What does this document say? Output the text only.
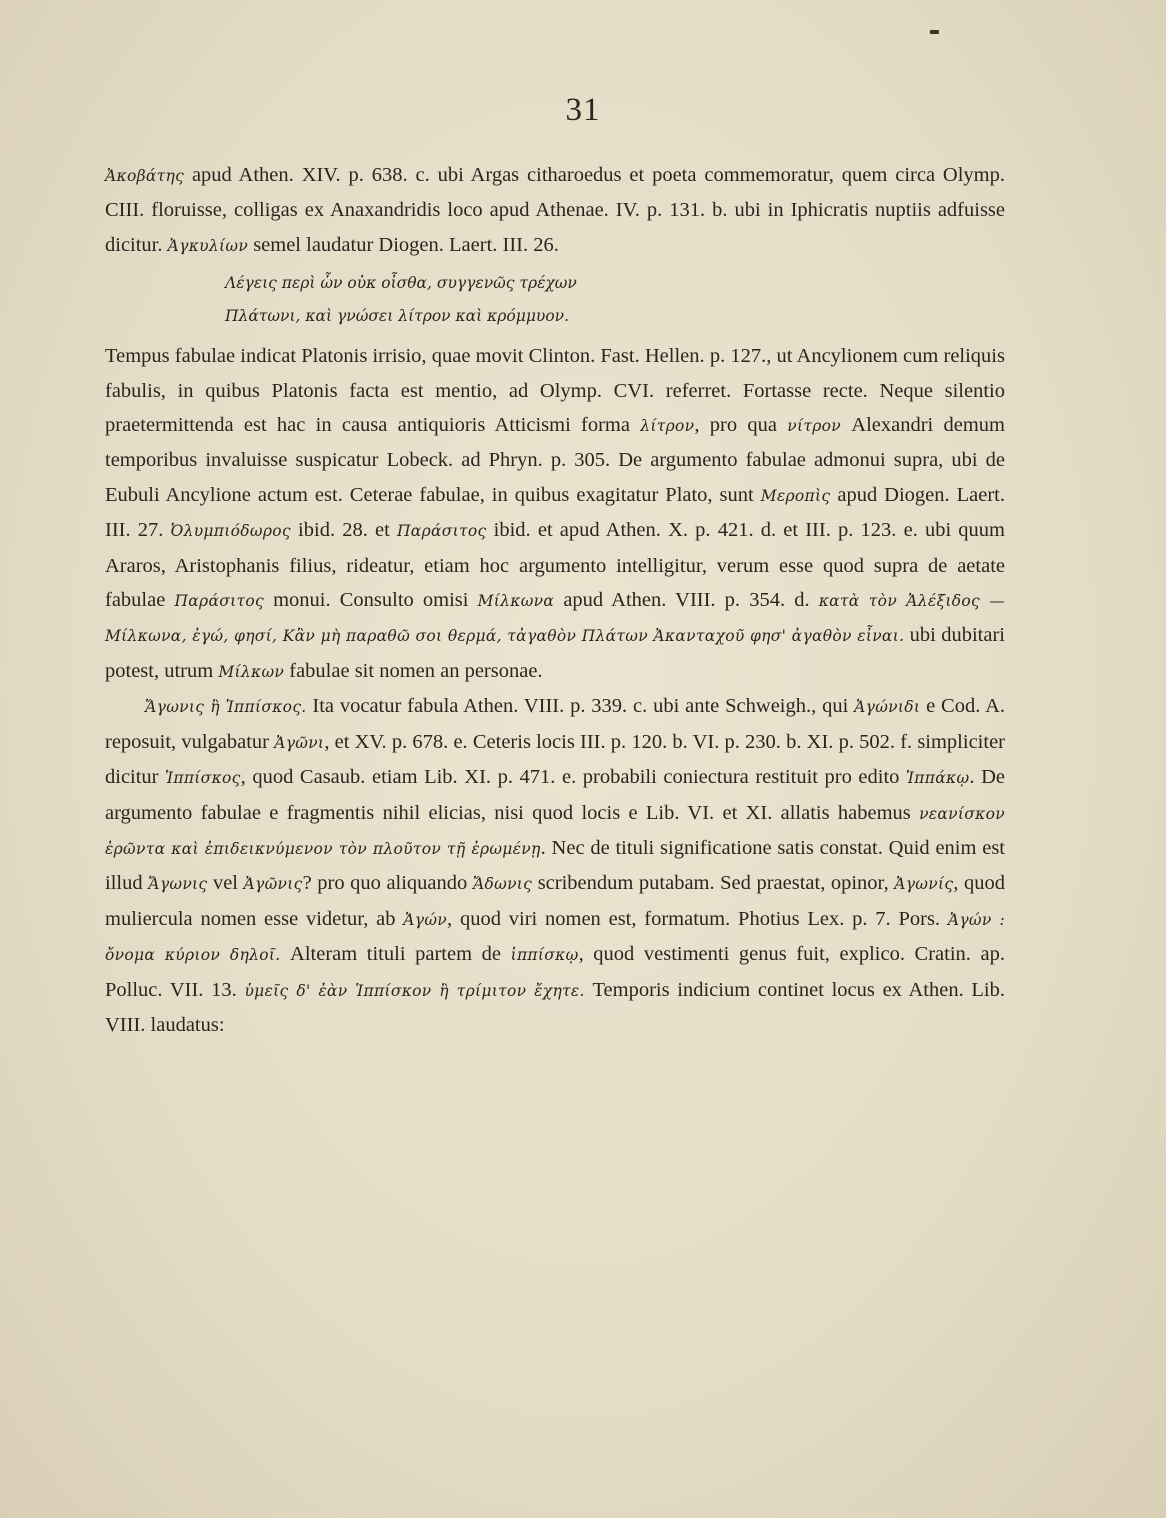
31

Ἀκοβάτης apud Athen. XIV. p. 638. c. ubi Argas citharoedus et poeta commemoratur, quem circa Olymp. CIII. floruisse, colligas ex Anaxandridis loco apud Athenae. IV. p. 131. b. ubi in Iphicratis nuptiis adfuisse dicitur. Ἀγκυλίων semel laudatur Diogen. Laert. III. 26.

Λέγεις περὶ ὧν οὐκ οἶσθα, συγγενῶς τρέχων
Πλάτωνι, καὶ γνώσει λίτρον καὶ κρόμμυον.

Tempus fabulae indicat Platonis irrisio, quae movit Clinton. Fast. Hellen. p. 127., ut Ancylionem cum reliquis fabulis, in quibus Platonis facta est mentio, ad Olymp. CVI. referret. Fortasse recte. Neque silentio praetermittenda est hac in causa antiquioris Atticismi forma λίτρον, pro qua νίτρον Alexandri demum temporibus invaluisse suspicatur Lobeck. ad Phryn. p. 305. De argumento fabulae admonui supra, ubi de Eubuli Ancylione actum est. Ceterae fabulae, in quibus exagitatur Plato, sunt Μεροπὶς apud Diogen. Laert. III. 27. Ὀλυμπιόδωρος ibid. 28. et Παράσιτος ibid. et apud Athen. X. p. 421. d. et III. p. 123. e. ubi quum Araros, Aristophanis filius, rideatur, etiam hoc argumento intelligitur, verum esse quod supra de aetate fabulae Παράσιτος monui. Consulto omisi Μίλκωνα apud Athen. VIII. p. 354. d. κατὰ τὸν Ἀλέξιδος — Μίλκωνα, ἐγώ, φησί, Κἂν μὴ παραθῶ σοι θερμά, τἀγαθὸν Πλάτων Ἀκανταχοῦ φησ' ἀγαθὸν εἶναι. ubi dubitari potest, utrum Μίλκων fabulae sit nomen an personae.

Ἄγωνις ἢ Ἱππίσκος. Ita vocatur fabula Athen. VIII. p. 339. c. ubi ante Schweigh., qui Ἀγώνιδι e Cod. A. reposuit, vulgabatur Ἀγῶνι, et XV. p. 678. e. Ceteris locis III. p. 120. b. VI. p. 230. b. XI. p. 502. f. simpliciter dicitur Ἱππίσκος, quod Casaub. etiam Lib. XI. p. 471. e. probabili coniectura restituit pro edito Ἱππάκῳ. De argumento fabulae e fragmentis nihil elicias, nisi quod locis e Lib. VI. et XI. allatis habemus νεανίσκον ἐρῶντα καὶ ἐπιδεικνύμενον τὸν πλοῦτον τῇ ἐρωμένῃ. Nec de tituli significatione satis constat. Quid enim est illud Ἄγωνις vel Ἀγῶνις? pro quo aliquando Ἄδωνις scribendum putabam. Sed praestat, opinor, Ἀγωνίς, quod muliercula nomen esse videtur, ab Ἀγών, quod viri nomen est, formatum. Photius Lex. p. 7. Pors. Ἀγών : ὄνομα κύριον δηλοῖ. Alteram tituli partem de ἱππίσκῳ, quod vestimenti genus fuit, explico. Cratin. ap. Polluc. VII. 13. ὑμεῖς δ' ἐὰν Ἱππίσκον ἢ τρίμιτον ἔχητε. Temporis indicium continet locus ex Athen. Lib. VIII. laudatus:
